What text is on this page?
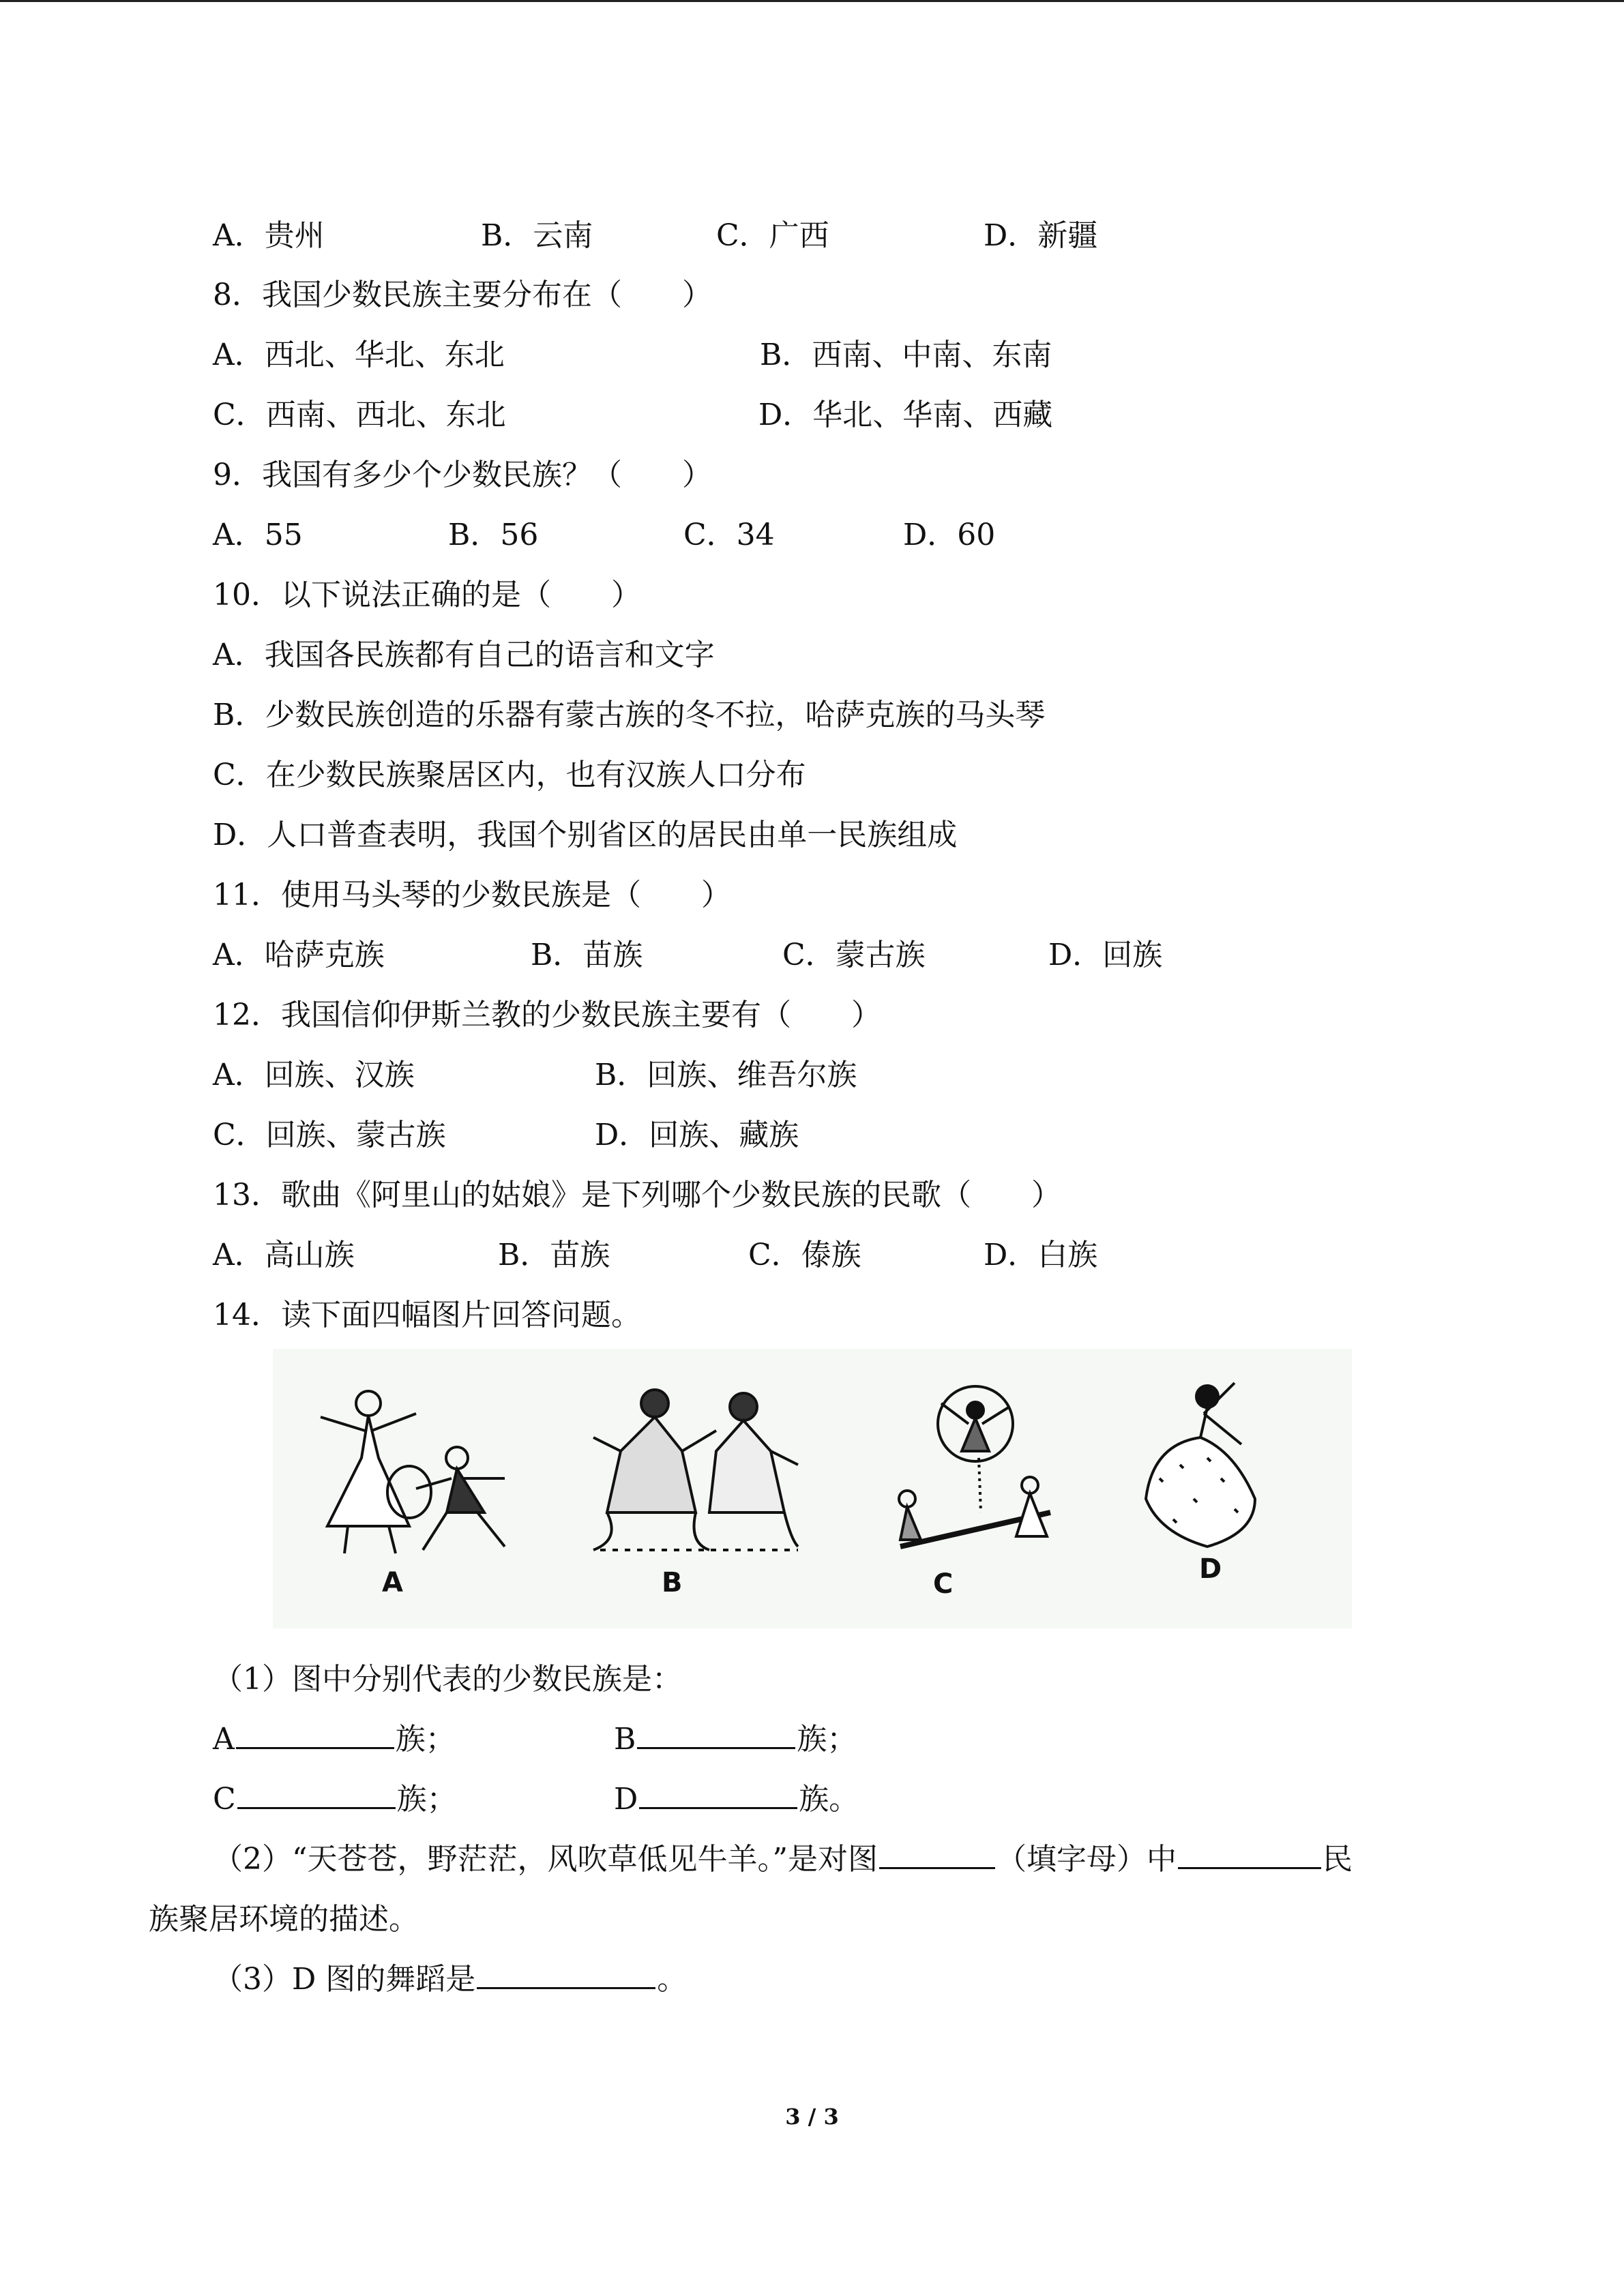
A．贵州	B．云南	C．广西	D．新疆
8．我国少数民族主要分布在（　　）
A．西北、华北、东北	B．西南、中南、东南
C．西南、西北、东北	D．华北、华南、西藏
9．我国有多少个少数民族？（　　）
A．55	B．56	C．34	D．60
10．以下说法正确的是（　　）
A．我国各民族都有自己的语言和文字
B．少数民族创造的乐器有蒙古族的冬不拉，哈萨克族的马头琴
C．在少数民族聚居区内，也有汉族人口分布
D．人口普查表明，我国个别省区的居民由单一民族组成
11．使用马头琴的少数民族是（　　）
A．哈萨克族	B．苗族	C．蒙古族	D．回族
12．我国信仰伊斯兰教的少数民族主要有（　　）
A．回族、汉族	B．回族、维吾尔族
C．回族、蒙古族	D．回族、藏族
13．歌曲《阿里山的姑娘》是下列哪个少数民族的民歌（　　）
A．高山族	B．苗族	C．傣族	D．白族
14．读下面四幅图片回答问题。
A	B	C	D
（1）图中分别代表的少数民族是：
A	族；	B	族；
C	族；	D	族。
（2）“天苍苍，野茫茫，风吹草低见牛羊。”是对图	（填字母）中	民
族聚居环境的描述。
（3）D 图的舞蹈是	。
3 / 3
